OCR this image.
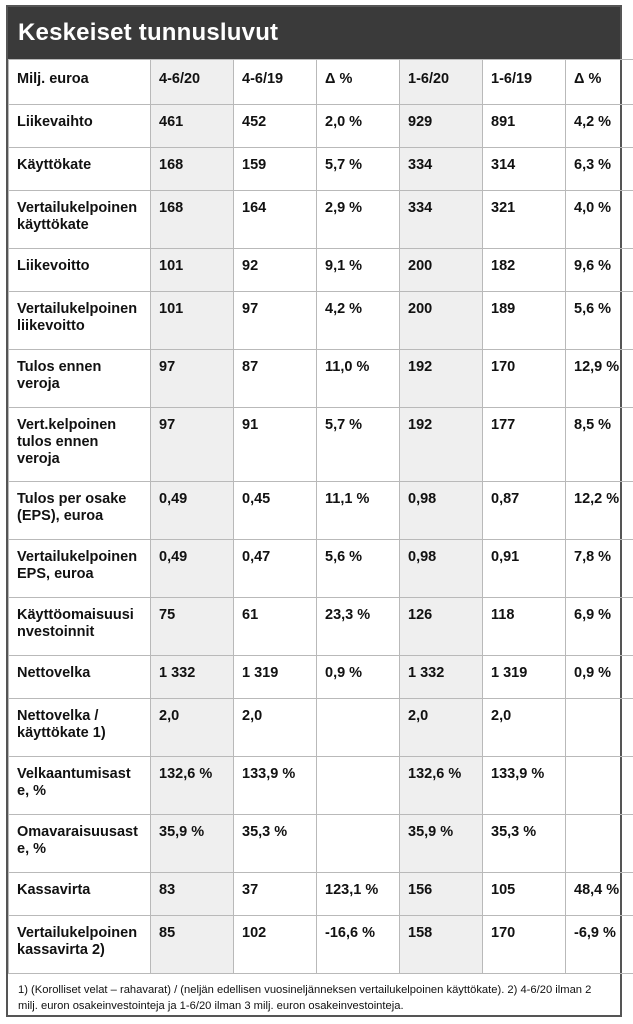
Keskeiset tunnusluvut
Milj. euroa	4-6/20	4-6/19	Δ %	1-6/20	1-6/19	Δ %
Liikevaihto	461	452	2,0 %	929	891	4,2 %
Käyttökate	168	159	5,7 %	334	314	6,3 %
Vertailukelpoinen käyttökate	168	164	2,9 %	334	321	4,0 %
Liikevoitto	101	92	9,1 %	200	182	9,6 %
Vertailukelpoinen liikevoitto	101	97	4,2 %	200	189	5,6 %
Tulos ennen veroja	97	87	11,0 %	192	170	12,9 %
Vert.kelpoinen tulos ennen veroja	97	91	5,7 %	192	177	8,5 %
Tulos per osake (EPS), euroa	0,49	0,45	11,1 %	0,98	0,87	12,2 %
Vertailukelpoinen EPS, euroa	0,49	0,47	5,6 %	0,98	0,91	7,8 %
Käyttöomaisuusi nvestoinnit	75	61	23,3 %	126	118	6,9 %
Nettovelka	1 332	1 319	0,9 %	1 332	1 319	0,9 %
Nettovelka / käyttökate 1)	2,0	2,0		2,0	2,0	
Velkaantumisast e, %	132,6 %	133,9 %		132,6 %	133,9 %	
Omavaraisuusast e, %	35,9 %	35,3 %		35,9 %	35,3 %	
Kassavirta	83	37	123,1 %	156	105	48,4 %
Vertailukelpoinen kassavirta 2)	85	102	-16,6 %	158	170	-6,9 %
1) (Korolliset velat – rahavarat) / (neljän edellisen vuosineljänneksen vertailukelpoinen käyttökate). 2) 4-6/20 ilman 2 milj. euron osakeinvestointeja ja 1-6/20 ilman 3 milj. euron osakeinvestointeja.
